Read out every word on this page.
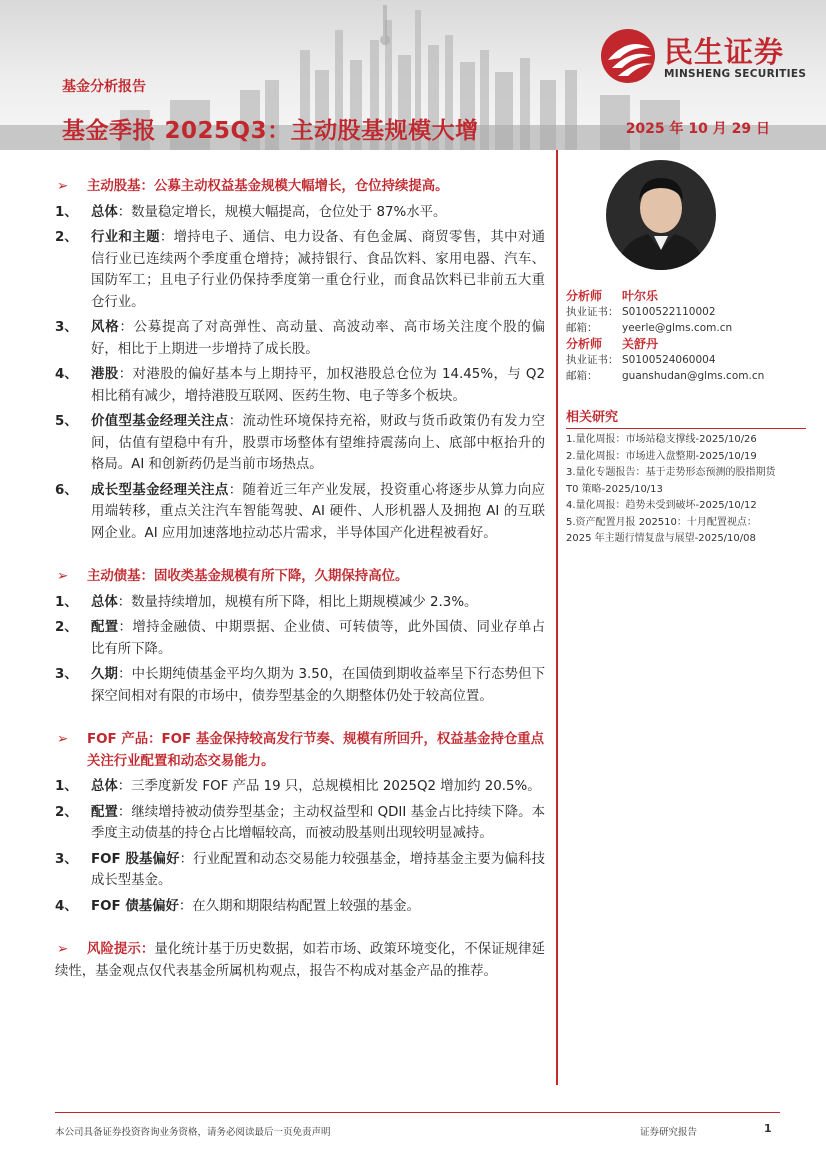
基金分析报告
基金季报 2025Q3：主动股基规模大增	2025 年 10 月 29 日
民生证券
MINSHENG SECURITIES
➢ 主动股基：公募主动权益基金规模大幅增长，仓位持续提高。
1、 总体：数量稳定增长，规模大幅提高，仓位处于 87%水平。
2、 行业和主题：增持电子、通信、电力设备、有色金属、商贸零售，其中对通信行业已连续两个季度重仓增持；减持银行、食品饮料、家用电器、汽车、国防军工；且电子行业仍保持季度第一重仓行业，而食品饮料已非前五大重仓行业。
3、 风格：公募提高了对高弹性、高动量、高波动率、高市场关注度个股的偏好，相比于上期进一步增持了成长股。
4、 港股：对港股的偏好基本与上期持平，加权港股总仓位为 14.45%，与 Q2 相比稍有减少，增持港股互联网、医药生物、电子等多个板块。
5、 价值型基金经理关注点：流动性环境保持充裕，财政与货币政策仍有发力空间，估值有望稳中有升，股票市场整体有望维持震荡向上、底部中枢抬升的格局。AI 和创新药仍是当前市场热点。
6、 成长型基金经理关注点：随着近三年产业发展，投资重心将逐步从算力向应用端转移，重点关注汽车智能驾驶、AI 硬件、人形机器人及拥抱 AI 的互联网企业。AI 应用加速落地拉动芯片需求，半导体国产化进程被看好。
➢ 主动债基：固收类基金规模有所下降，久期保持高位。
1、 总体：数量持续增加，规模有所下降，相比上期规模减少 2.3%。
2、 配置：增持金融债、中期票据、企业债、可转债等，此外国债、同业存单占比有所下降。
3、 久期：中长期纯债基金平均久期为 3.50，在国债到期收益率呈下行态势但下探空间相对有限的市场中，债券型基金的久期整体仍处于较高位置。
➢ FOF 产品：FOF 基金保持较高发行节奏、规模有所回升，权益基金持仓重点关注行业配置和动态交易能力。
1、 总体：三季度新发 FOF 产品 19 只，总规模相比 2025Q2 增加约 20.5%。
2、 配置：继续增持被动债券型基金；主动权益型和 QDII 基金占比持续下降。本季度主动债基的持仓占比增幅较高，而被动股基则出现较明显减持。
3、 FOF 股基偏好：行业配置和动态交易能力较强基金，增持基金主要为偏科技成长型基金。
4、 FOF 债基偏好：在久期和期限结构配置上较强的基金。
➢ 风险提示：量化统计基于历史数据，如若市场、政策环境变化，不保证规律延续性，基金观点仅代表基金所属机构观点，报告不构成对基金产品的推荐。
分析师 叶尔乐
执业证书： S0100522110002
邮箱： yeerle@glms.com.cn
分析师 关舒丹
执业证书： S0100524060004
邮箱： guanshudan@glms.com.cn
相关研究
1.量化周报：市场站稳支撑线-2025/10/26
2.量化周报：市场进入盘整期-2025/10/19
3.量化专题报告：基于走势形态预测的股指期货 T0 策略-2025/10/13
4.量化周报：趋势未受到破坏-2025/10/12
5.资产配置月报 202510：十月配置视点：2025 年主题行情复盘与展望-2025/10/08
本公司具备证券投资咨询业务资格，请务必阅读最后一页免责声明	证券研究报告	1
